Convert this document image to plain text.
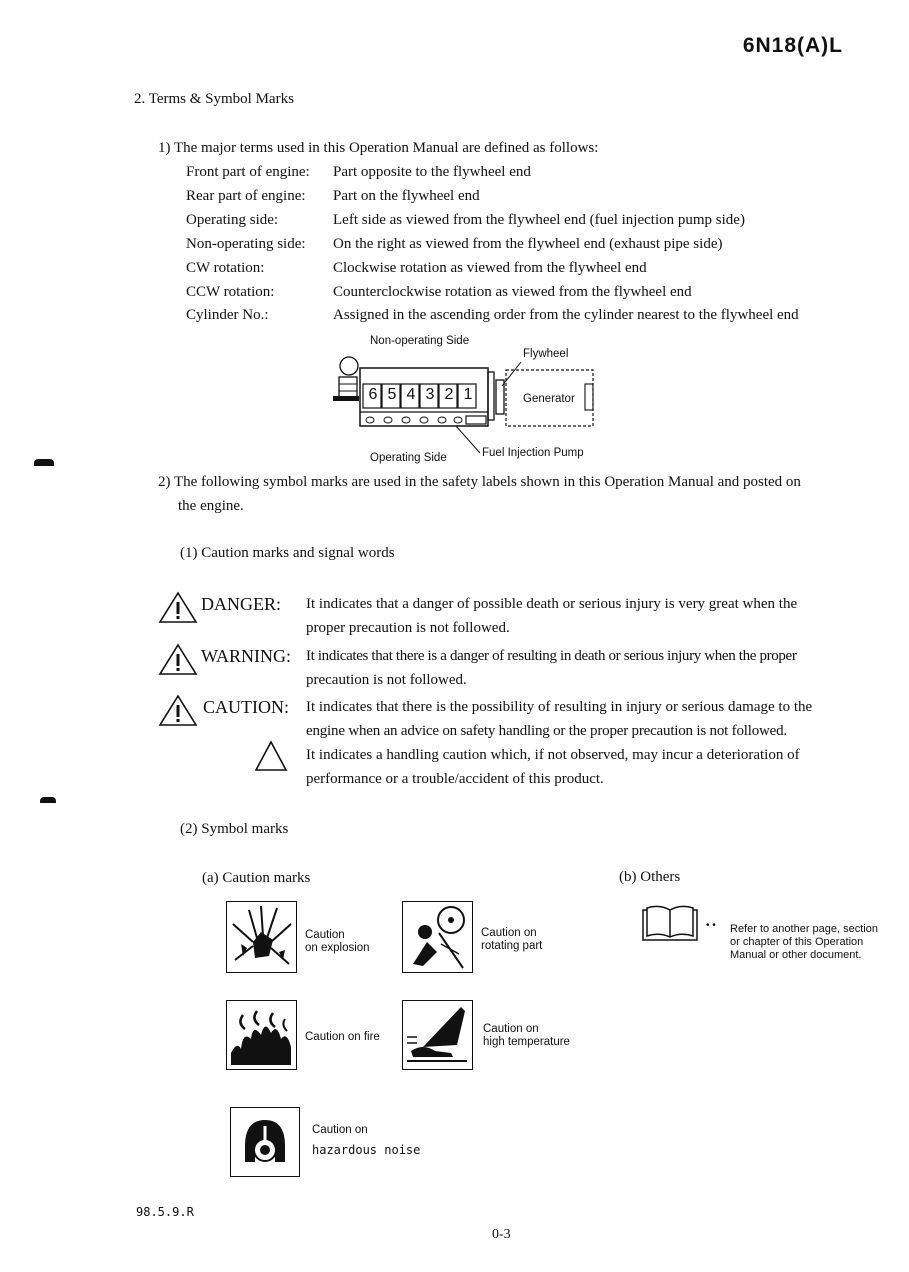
6N18(A)L
2. Terms & Symbol Marks
1) The major terms used in this Operation Manual are defined as follows:
Front part of engine: Part opposite to the flywheel end
Rear part of engine: Part on the flywheel end
Operating side:	Left side as viewed from the flywheel end (fuel injection pump side)
Non-operating side: On the right as viewed from the flywheel end (exhaust pipe side)
CW rotation:	Clockwise rotation as viewed from the flywheel end
CCW rotation:	Counterclockwise rotation as viewed from the flywheel end
Cylinder No.:	Assigned in the ascending order from the cylinder nearest to the flywheel end
Non-operating Side
Flywheel
Generator
Operating Side	Fuel Injection Pump
6 5 4 3 2 1
2) The following symbol marks are used in the safety labels shown in this Operation Manual and posted on
the engine.
(1) Caution marks and signal words
DANGER: It indicates that a danger of possible death or serious injury is very great when the
proper precaution is not followed.
WARNING: It indicates that there is a danger of resulting in death or serious injury when the proper
precaution is not followed.
CAUTION: It indicates that there is the possibility of resulting in injury or serious damage to the
engine when an advice on safety handling or the proper precaution is not followed.
It indicates a handling caution which, if not observed, may incur a deterioration of
performance or a trouble/accident of this product.
(2) Symbol marks
(a) Caution marks	(b) Others
Caution
on explosion
Caution on
rotating part
• • Refer to another page, section
or chapter of this Operation
Manual or other document.
Caution on fire
Caution on
high temperature
Caution on
hazardous noise
98.5.9.R
0-3
